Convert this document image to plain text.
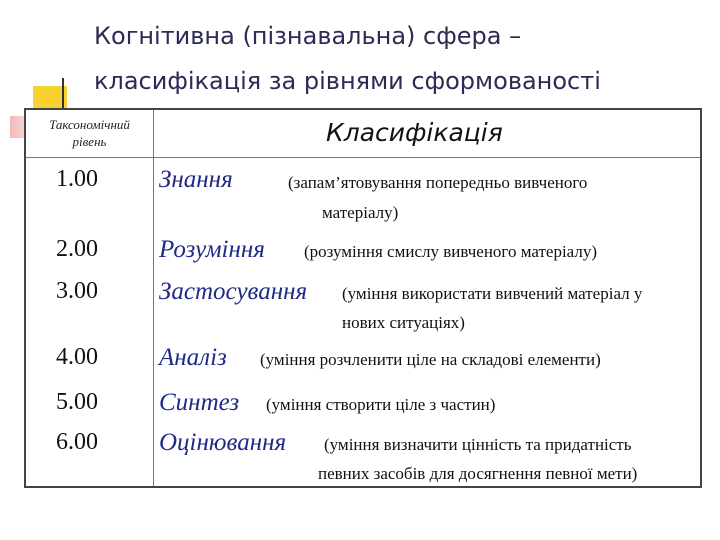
Когнітивна (пізнавальна) сфера –
класифікація за рівнями сформованості
Таксономічний
рівень	Класифікація
1.00 Знання	(запам’ятовування попередньо вивченого
матеріалу)
2.00 Розуміння (розуміння смислу вивченого матеріалу)
3.00 Застосування (уміння використати вивчений матеріал у
нових ситуаціях)
4.00 Аналіз (уміння розчленити ціле на складові елементи)
5.00 Синтез (уміння створити ціле з частин)
6.00 Оцінювання (уміння визначити цінність та придатність
певних засобів для досягнення певної мети)
